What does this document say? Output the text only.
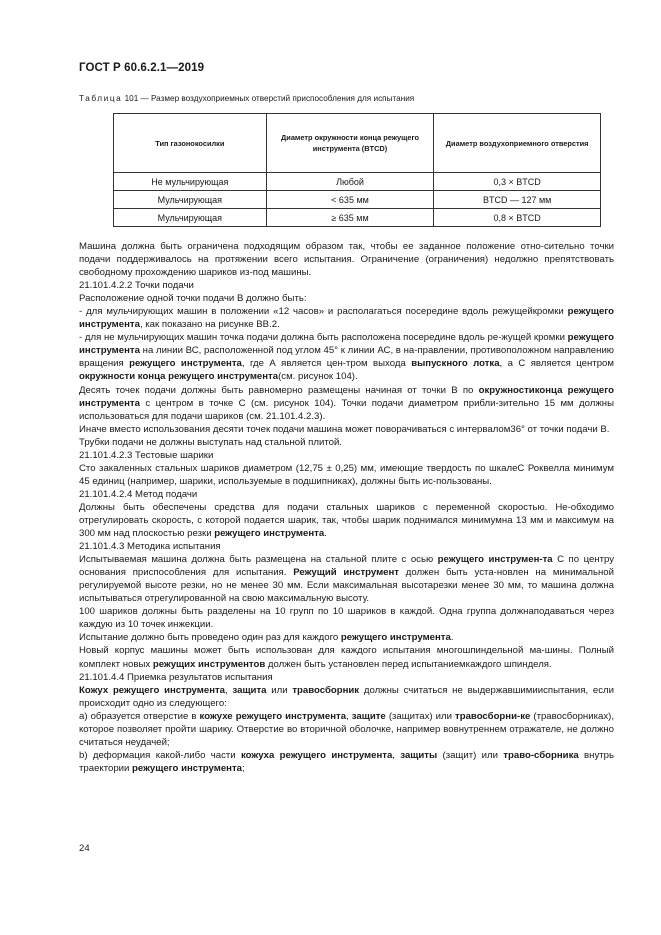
ГОСТ Р 60.6.2.1—2019
Таблица 101 — Размер воздухоприемных отверстий приспособления для испытания
Тип газонокосилки	Диаметр окружности конца режущего инструмента (BTCD)	Диаметр воздухоприемного отверстия
Не мульчирующая	Любой	0,3 × BTCD
Мульчирующая	< 635 мм	BTCD — 127 мм
Мульчирующая	≥ 635 мм	0,8 × BTCD
Машина должна быть ограничена подходящим образом так, чтобы ее заданное положение отно-сительно точки подачи поддерживалось на протяжении всего испытания. Ограничение (ограничения) недолжно препятствовать свободному прохождению шариков из-под машины.
21.101.4.2.2 Точки подачи
Расположение одной точки подачи В должно быть:
- для мульчирующих машин в положении «12 часов» и располагаться посередине вдоль режущейкромки режущего инструмента, как показано на рисунке ВВ.2.
- для не мульчирующих машин точка подачи должна быть расположена посередине вдоль ре-жущей кромки режущего инструмента на линии ВС, расположенной под углом 45° к линии АС, в на-правлении, противоположном направлению вращения режущего инструмента, где А является цен-тром выхода выпускного лотка, а С является центром окружности конца режущего инструмента(см. рисунок 104).
Десять точек подачи должны быть равномерно размещены начиная от точки В по окружностиконца режущего инструмента с центром в точке С (см. рисунок 104). Точки подачи диаметром прибли-зительно 15 мм должны использоваться для подачи шариков (см. 21.101.4.2.3).
Иначе вместо использования десяти точек подачи машина может поворачиваться с интервалом36° от точки подачи В.
Трубки подачи не должны выступать над стальной плитой.
21.101.4.2.3 Тестовые шарики
Сто закаленных стальных шариков диаметром (12,75 ± 0,25) мм, имеющие твердость по шкалеС Роквелла минимум 45 единиц (например, шарики, используемые в подшипниках), должны быть ис-пользованы.
21.101.4.2.4 Метод подачи
Должны быть обеспечены средства для подачи стальных шариков с переменной скоростью. Не-обходимо отрегулировать скорость, с которой подается шарик, так, чтобы шарик поднимался минимумна 13 мм и максимум на 300 мм над плоскостью резки режущего инструмента.
21.101.4.3 Методика испытания
Испытываемая машина должна быть размещена на стальной плите с осью режущего инструмен-та С по центру основания приспособления для испытания. Режущий инструмент должен быть уста-новлен на минимальной регулируемой высоте резки, но не менее 30 мм. Если максимальная высотарезки менее 30 мм, то машина должна испытываться отрегулированной на свою максимальную высоту.
100 шариков должны быть разделены на 10 групп по 10 шариков в каждой. Одна группа должнаподаваться через каждую из 10 точек инжекции.
Испытание должно быть проведено один раз для каждого режущего инструмента.
Новый корпус машины может быть использован для каждого испытания многошпиндельной ма-шины. Полный комплект новых режущих инструментов должен быть установлен перед испытаниемкаждого шпинделя.
21.101.4.4 Приемка результатов испытания
Кожух режущего инструмента, защита или травосборник должны считаться не выдержавшимииспытания, если происходит одно из следующего:
а) образуется отверстие в кожухе режущего инструмента, защите (защитах) или травосборни-ке (травосборниках), которое позволяет пройти шарику. Отверстие во вторичной оболочке, например вовнутреннем отражателе, не должно считаться неудачей;
b) деформация какой-либо части кожуха режущего инструмента, защиты (защит) или траво-сборника внутрь траектории режущего инструмента;
24
